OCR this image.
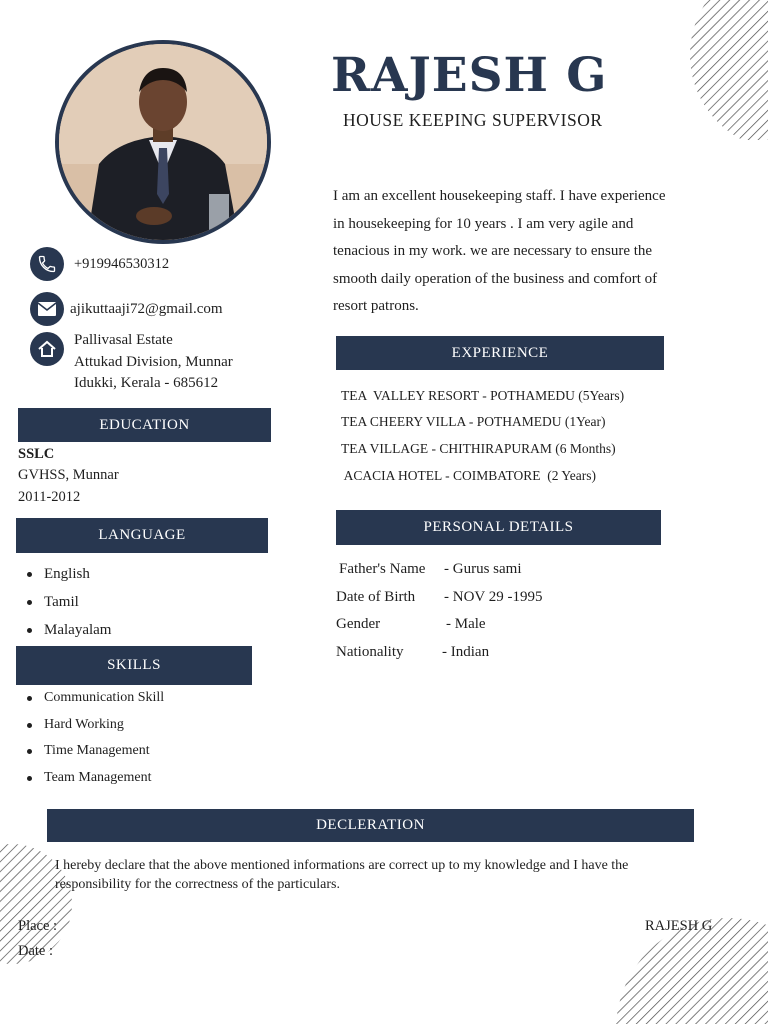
RAJESH G
HOUSE KEEPING SUPERVISOR
I am an excellent housekeeping staff. I have experience in housekeeping for 10 years . I am very agile and tenacious in my work. we are necessary to ensure the smooth daily operation of the business and comfort of resort patrons.
+919946530312
ajikuttaaji72@gmail.com
Pallivasal Estate
Attukad Division, Munnar
Idukki, Kerala - 685612
EDUCATION
SSLC
GVHSS, Munnar
2011-2012
LANGUAGE
English
Tamil
Malayalam
SKILLS
Communication Skill
Hard Working
Time Management
Team Management
EXPERIENCE
TEA  VALLEY RESORT - POTHAMEDU (5Years)
TEA CHEERY VILLA - POTHAMEDU (1Year)
TEA VILLAGE - CHITHIRAPURAM (6 Months)
ACACIA HOTEL - COIMBATORE  (2 Years)
PERSONAL DETAILS
Father's Name - Gurus sami
Date of Birth - NOV 29 -1995
Gender	- Male
Nationality	- Indian
DECLERATION
I hereby declare that the above mentioned informations are correct up to my knowledge and I have the responsibility for the correctness of the particulars.
Place :
Date :
RAJESH G
